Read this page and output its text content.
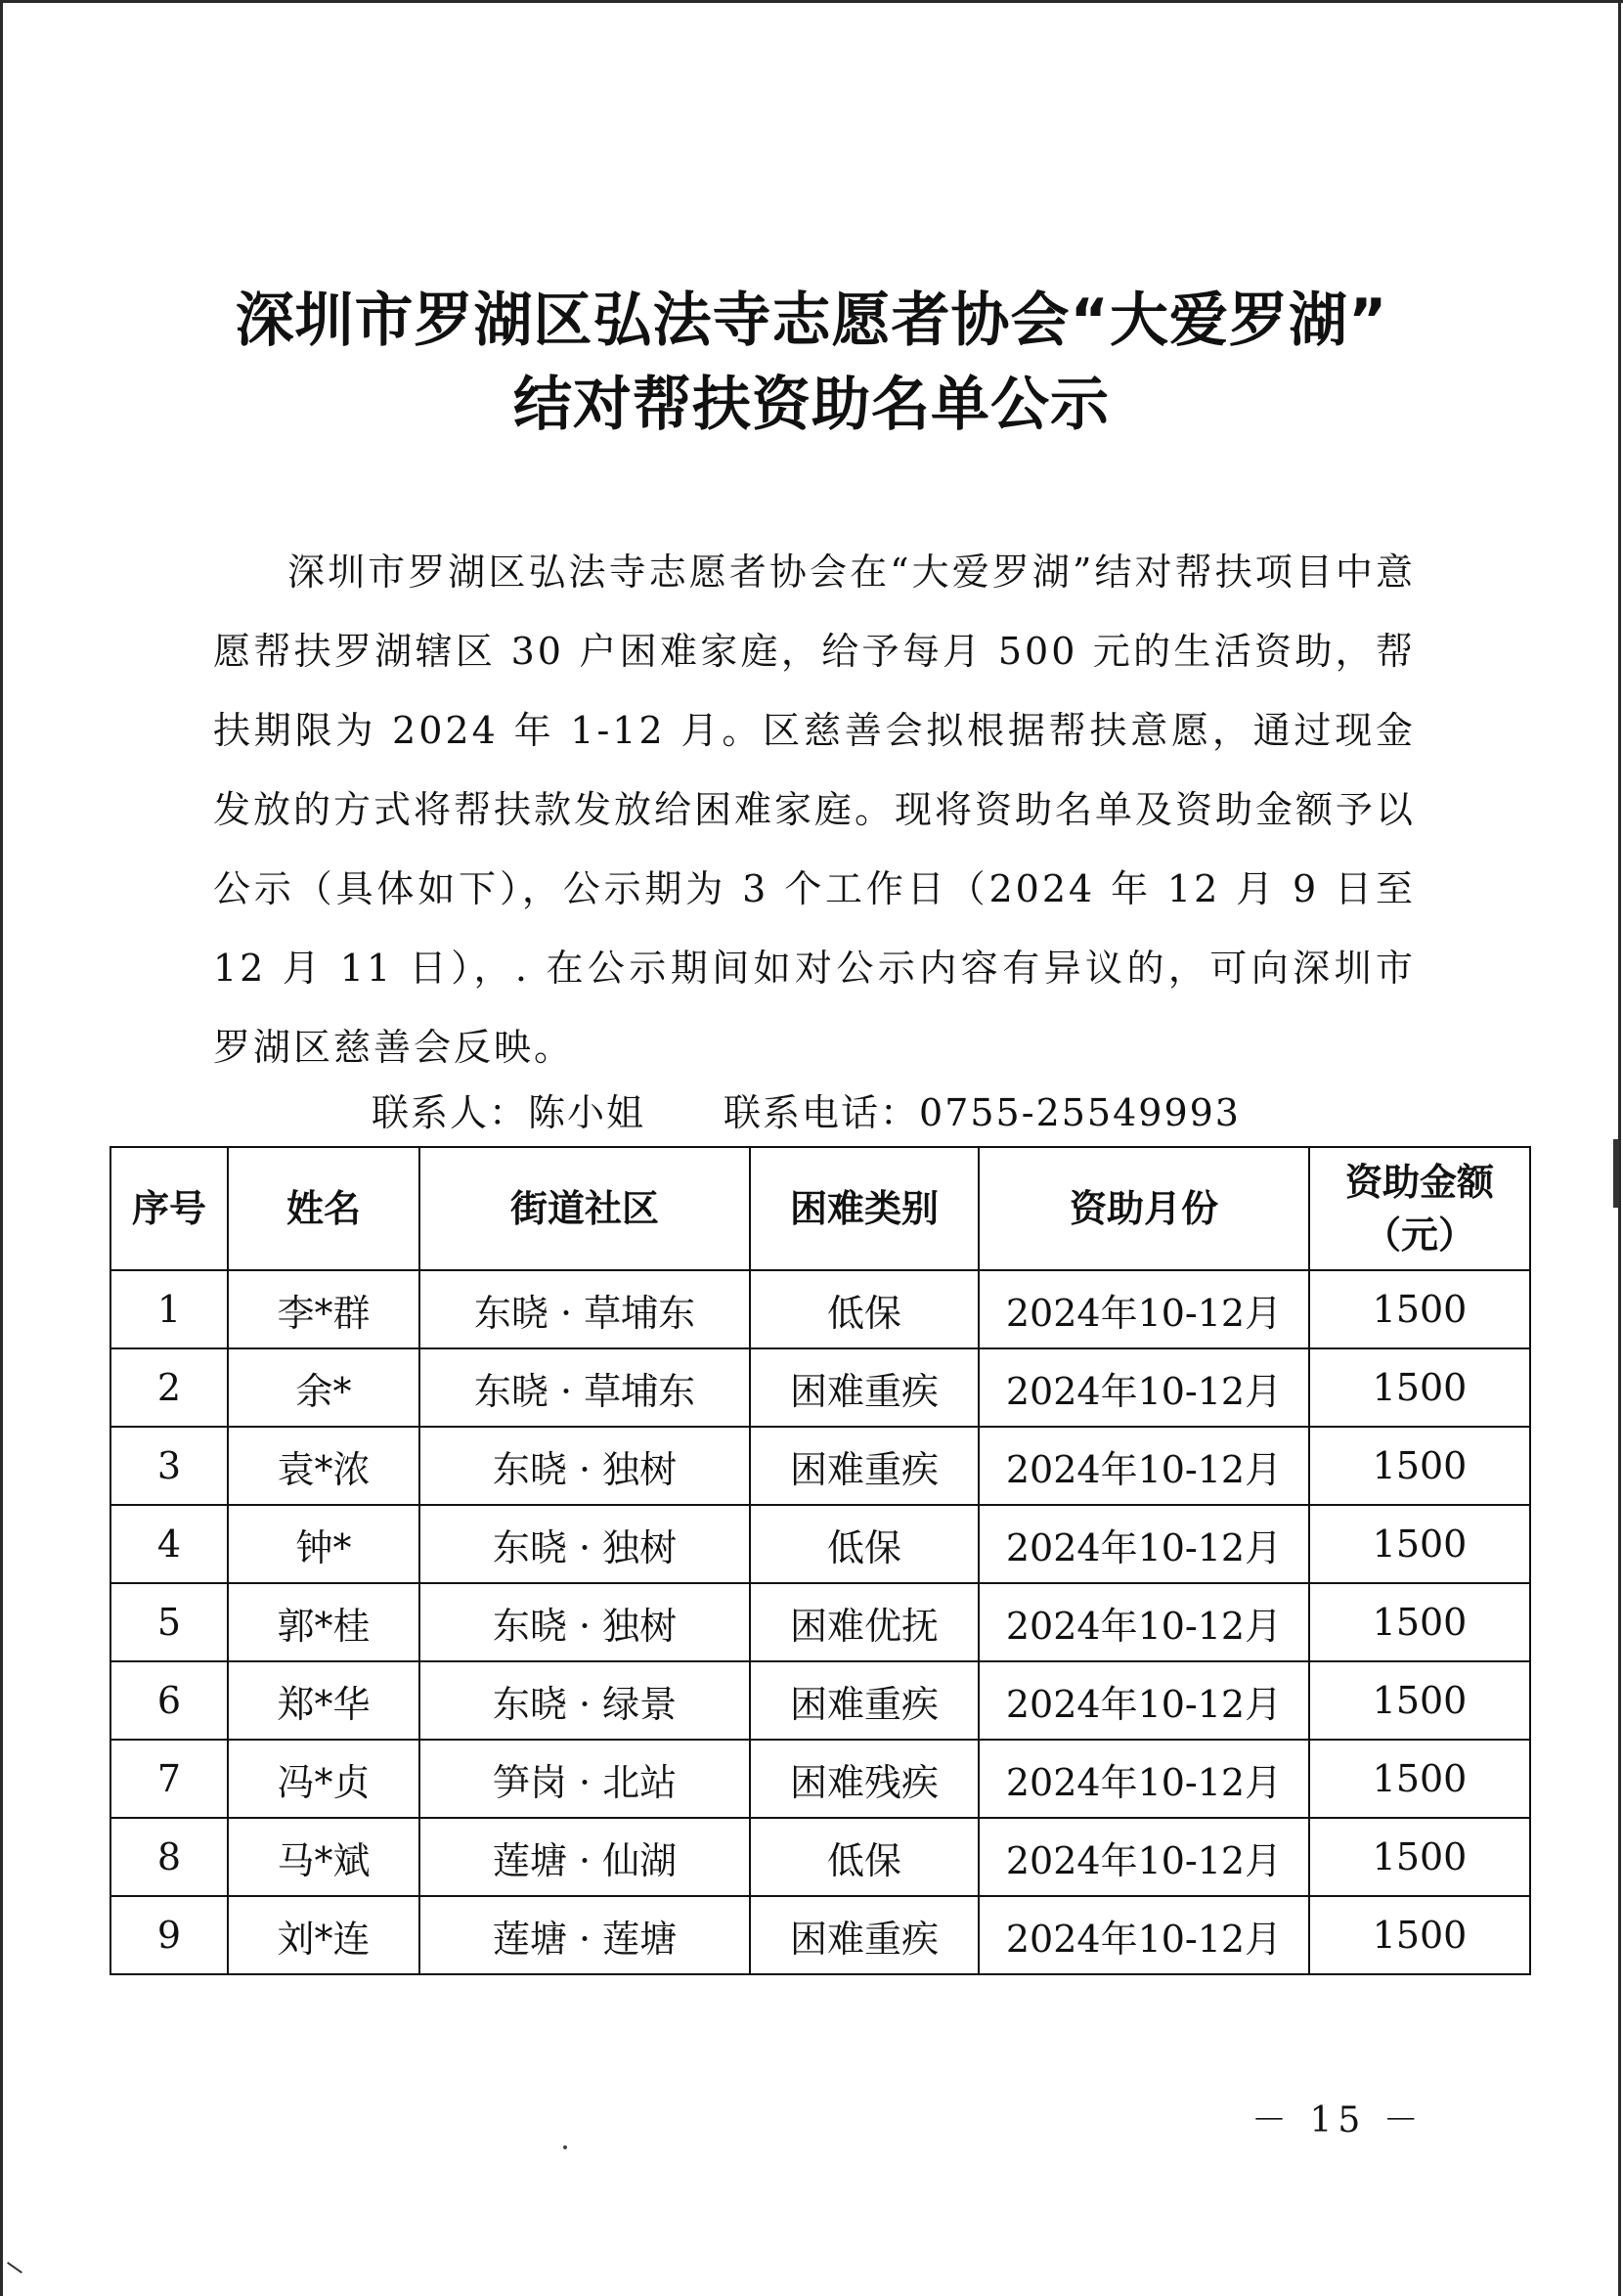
深圳市罗湖区弘法寺志愿者协会“大爱罗湖”
结对帮扶资助名单公示

深圳市罗湖区弘法寺志愿者协会在“大爱罗湖”结对帮扶项目中意愿帮扶罗湖辖区 30 户困难家庭，给予每月 500 元的生活资助，帮扶期限为 2024 年 1-12 月。区慈善会拟根据帮扶意愿，通过现金发放的方式将帮扶款发放给困难家庭。现将资助名单及资助金额予以公示（具体如下），公示期为 3 个工作日（2024 年 12 月 9 日至 12 月 11 日），. 在公示期间如对公示内容有异议的，可向深圳市罗湖区慈善会反映。

联系人：陈小姐 联系电话：0755-25549993
序号	姓名	街道社区	困难类别	资助月份	资助金额
（元）

1	李*群	东晓 · 草埔东	低保	2024年10-12月	1500
2	余*	东晓 · 草埔东	困难重疾	2024年10-12月	1500
3	袁*浓	东晓 · 独树	困难重疾	2024年10-12月	1500
4	钟*	东晓 · 独树	低保	2024年10-12月	1500
5	郭*桂	东晓 · 独树	困难优抚	2024年10-12月	1500
6	郑*华	东晓 · 绿景	困难重疾	2024年10-12月	1500
7	冯*贞	笋岗 · 北站	困难残疾	2024年10-12月	1500
8	马*斌	莲塘 · 仙湖	低保	2024年10-12月	1500
9	刘*连	莲塘 · 莲塘	困难重疾	2024年10-12月	1500
－ 15 －
